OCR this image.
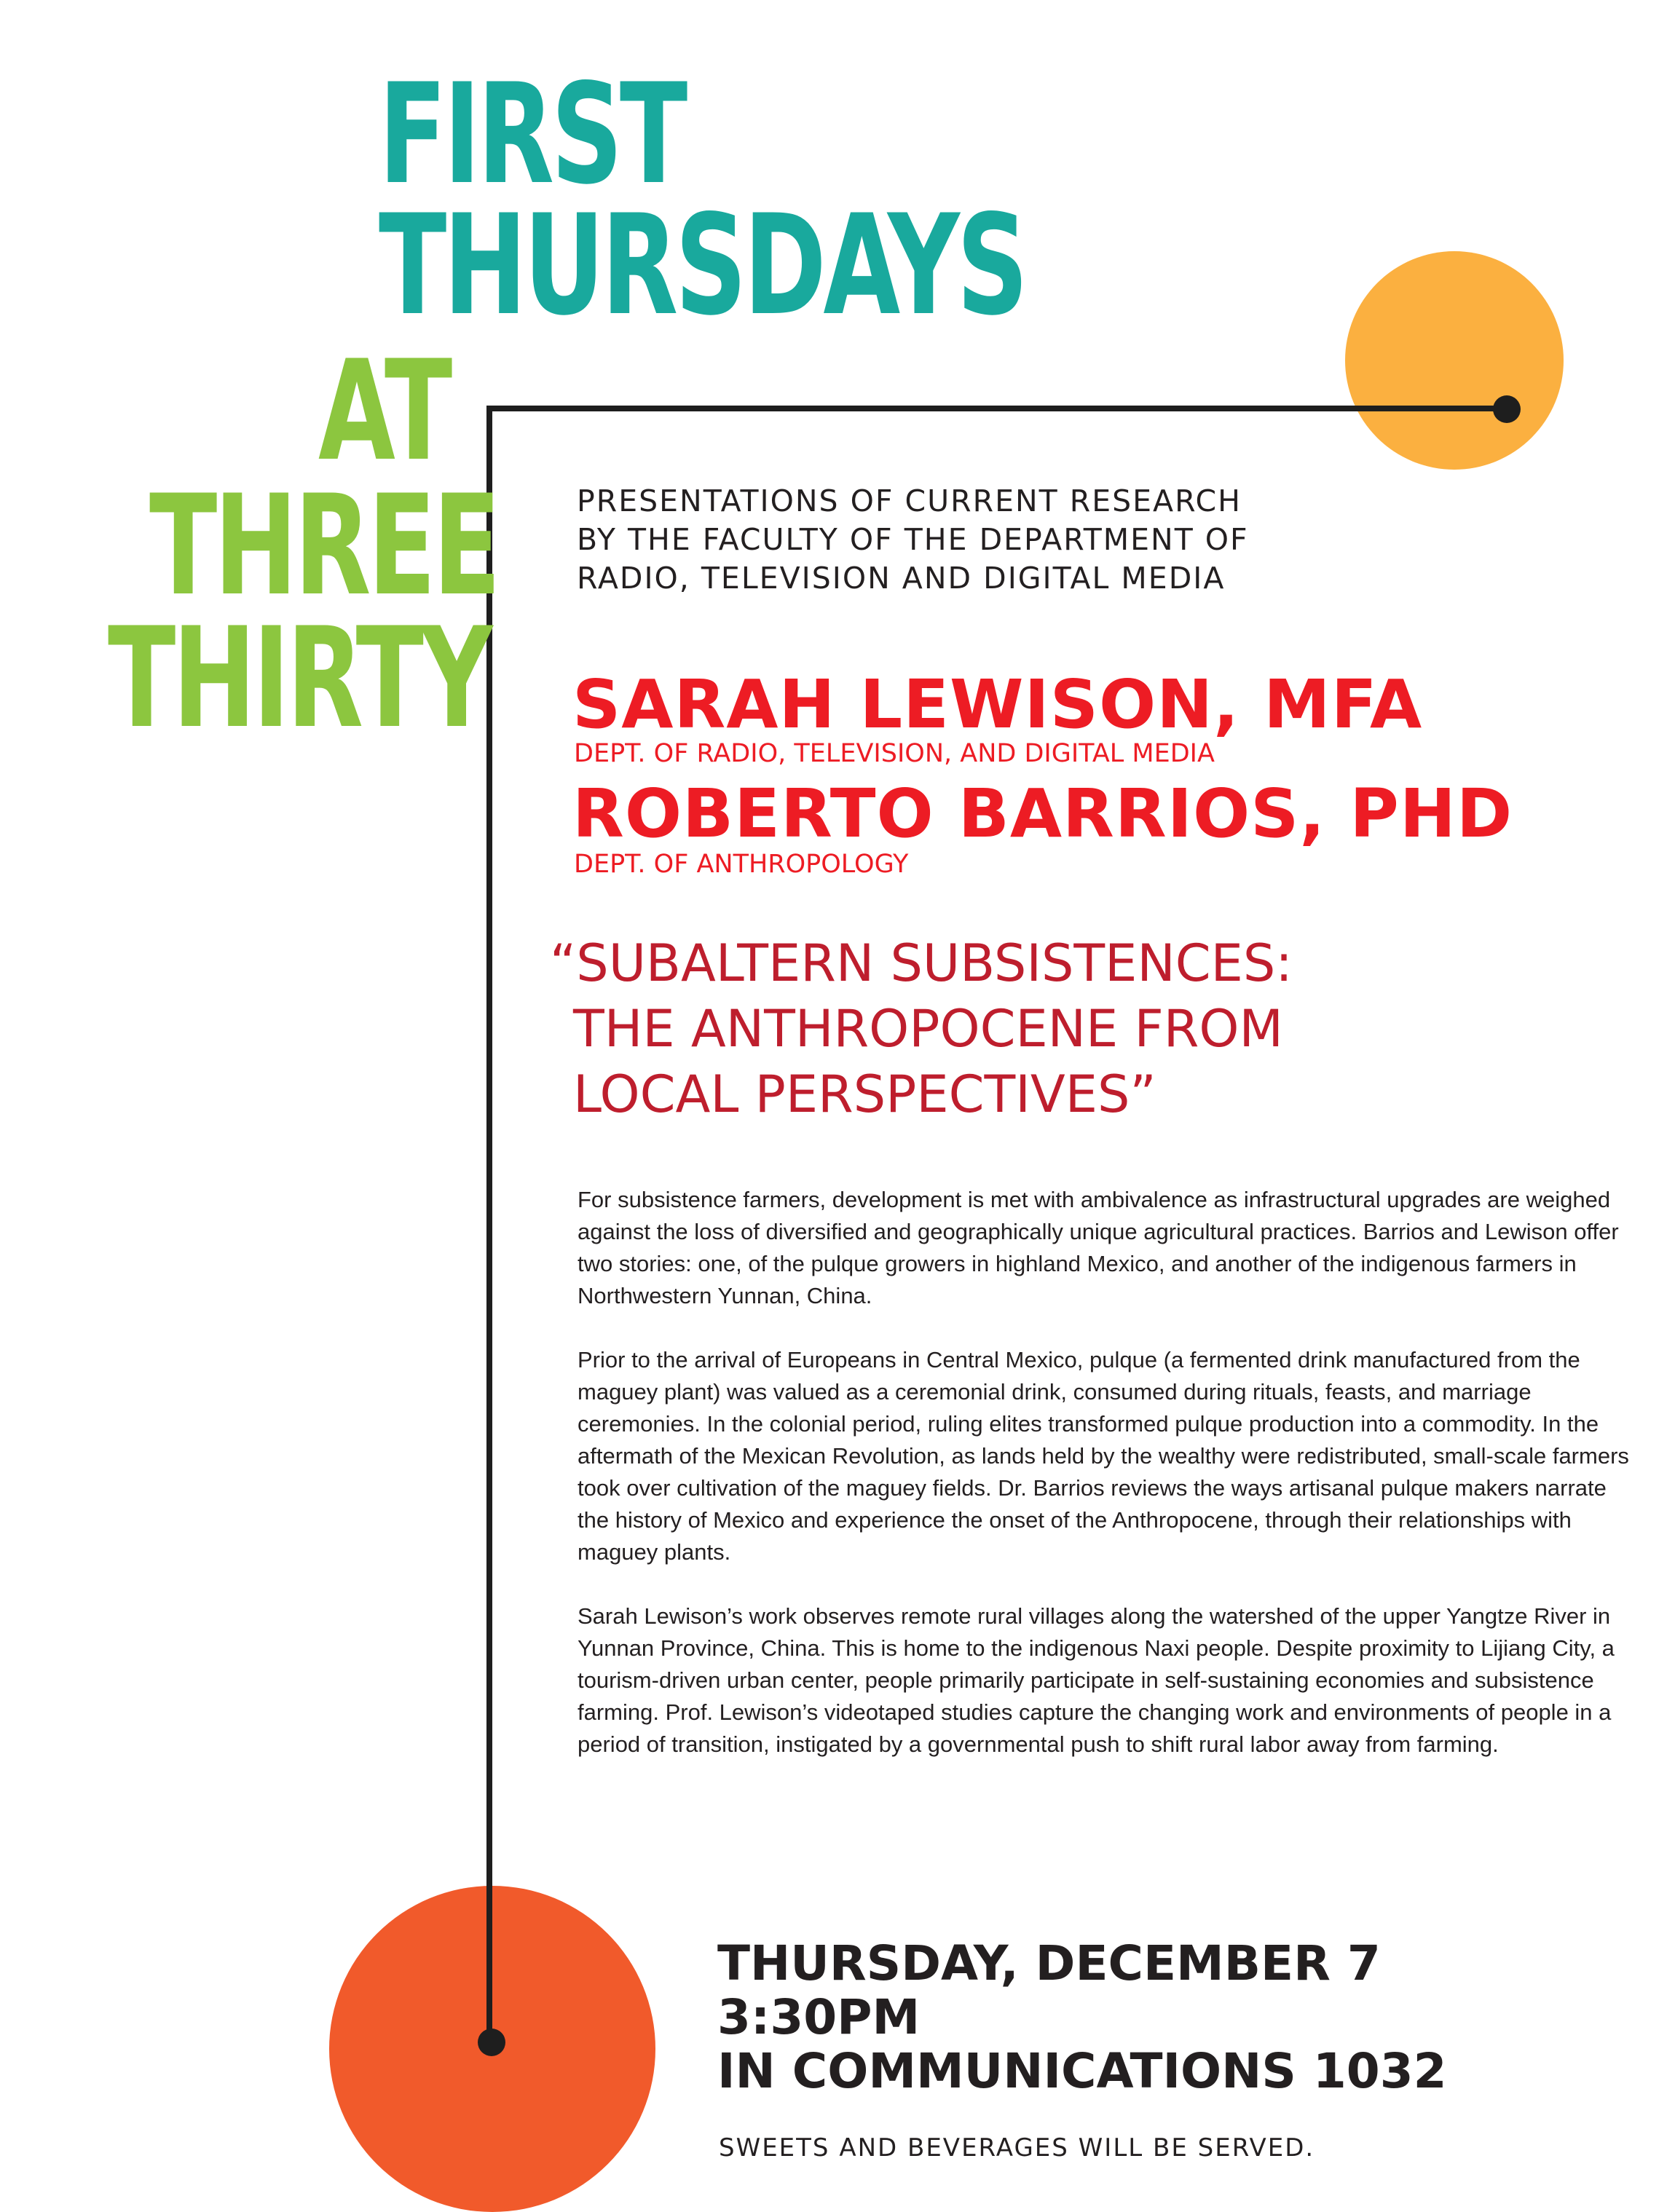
FIRST
THURSDAYS
AT
THREE
THIRTY
PRESENTATIONS OF CURRENT RESEARCH
BY THE FACULTY OF THE DEPARTMENT OF
RADIO, TELEVISION AND DIGITAL MEDIA
SARAH LEWISON, MFA
DEPT. OF RADIO, TELEVISION, AND DIGITAL MEDIA
ROBERTO BARRIOS, PHD
DEPT. OF ANTHROPOLOGY
“SUBALTERN SUBSISTENCES:
THE ANTHROPOCENE FROM
LOCAL PERSPECTIVES”

For subsistence farmers, development is met with ambivalence as infrastructural upgrades are weighed against the loss of diversified and geographically unique agricultural practices. Barrios and Lewison offer two stories: one, of the pulque growers in highland Mexico, and another of the indigenous farmers in Northwestern Yunnan, China.

Prior to the arrival of Europeans in Central Mexico, pulque (a fermented drink manufactured from the maguey plant) was valued as a ceremonial drink, consumed during rituals, feasts, and marriage ceremonies. In the colonial period, ruling elites transformed pulque production into a commodity. In the aftermath of the Mexican Revolution, as lands held by the wealthy were redistributed, small-scale farmers took over cultivation of the maguey fields. Dr. Barrios reviews the ways artisanal pulque makers narrate the history of Mexico and experience the onset of the Anthropocene, through their relationships with maguey plants.

Sarah Lewison’s work observes remote rural villages along the watershed of the upper Yangtze River in Yunnan Province, China. This is home to the indigenous Naxi people. Despite proximity to Lijiang City, a tourism-driven urban center, people primarily participate in self-sustaining economies and subsistence farming. Prof. Lewison’s videotaped studies capture the changing work and environments of people in a period of transition, instigated by a governmental push to shift rural labor away from farming.

THURSDAY, DECEMBER 7
3:30PM
IN COMMUNICATIONS 1032
SWEETS AND BEVERAGES WILL BE SERVED.
